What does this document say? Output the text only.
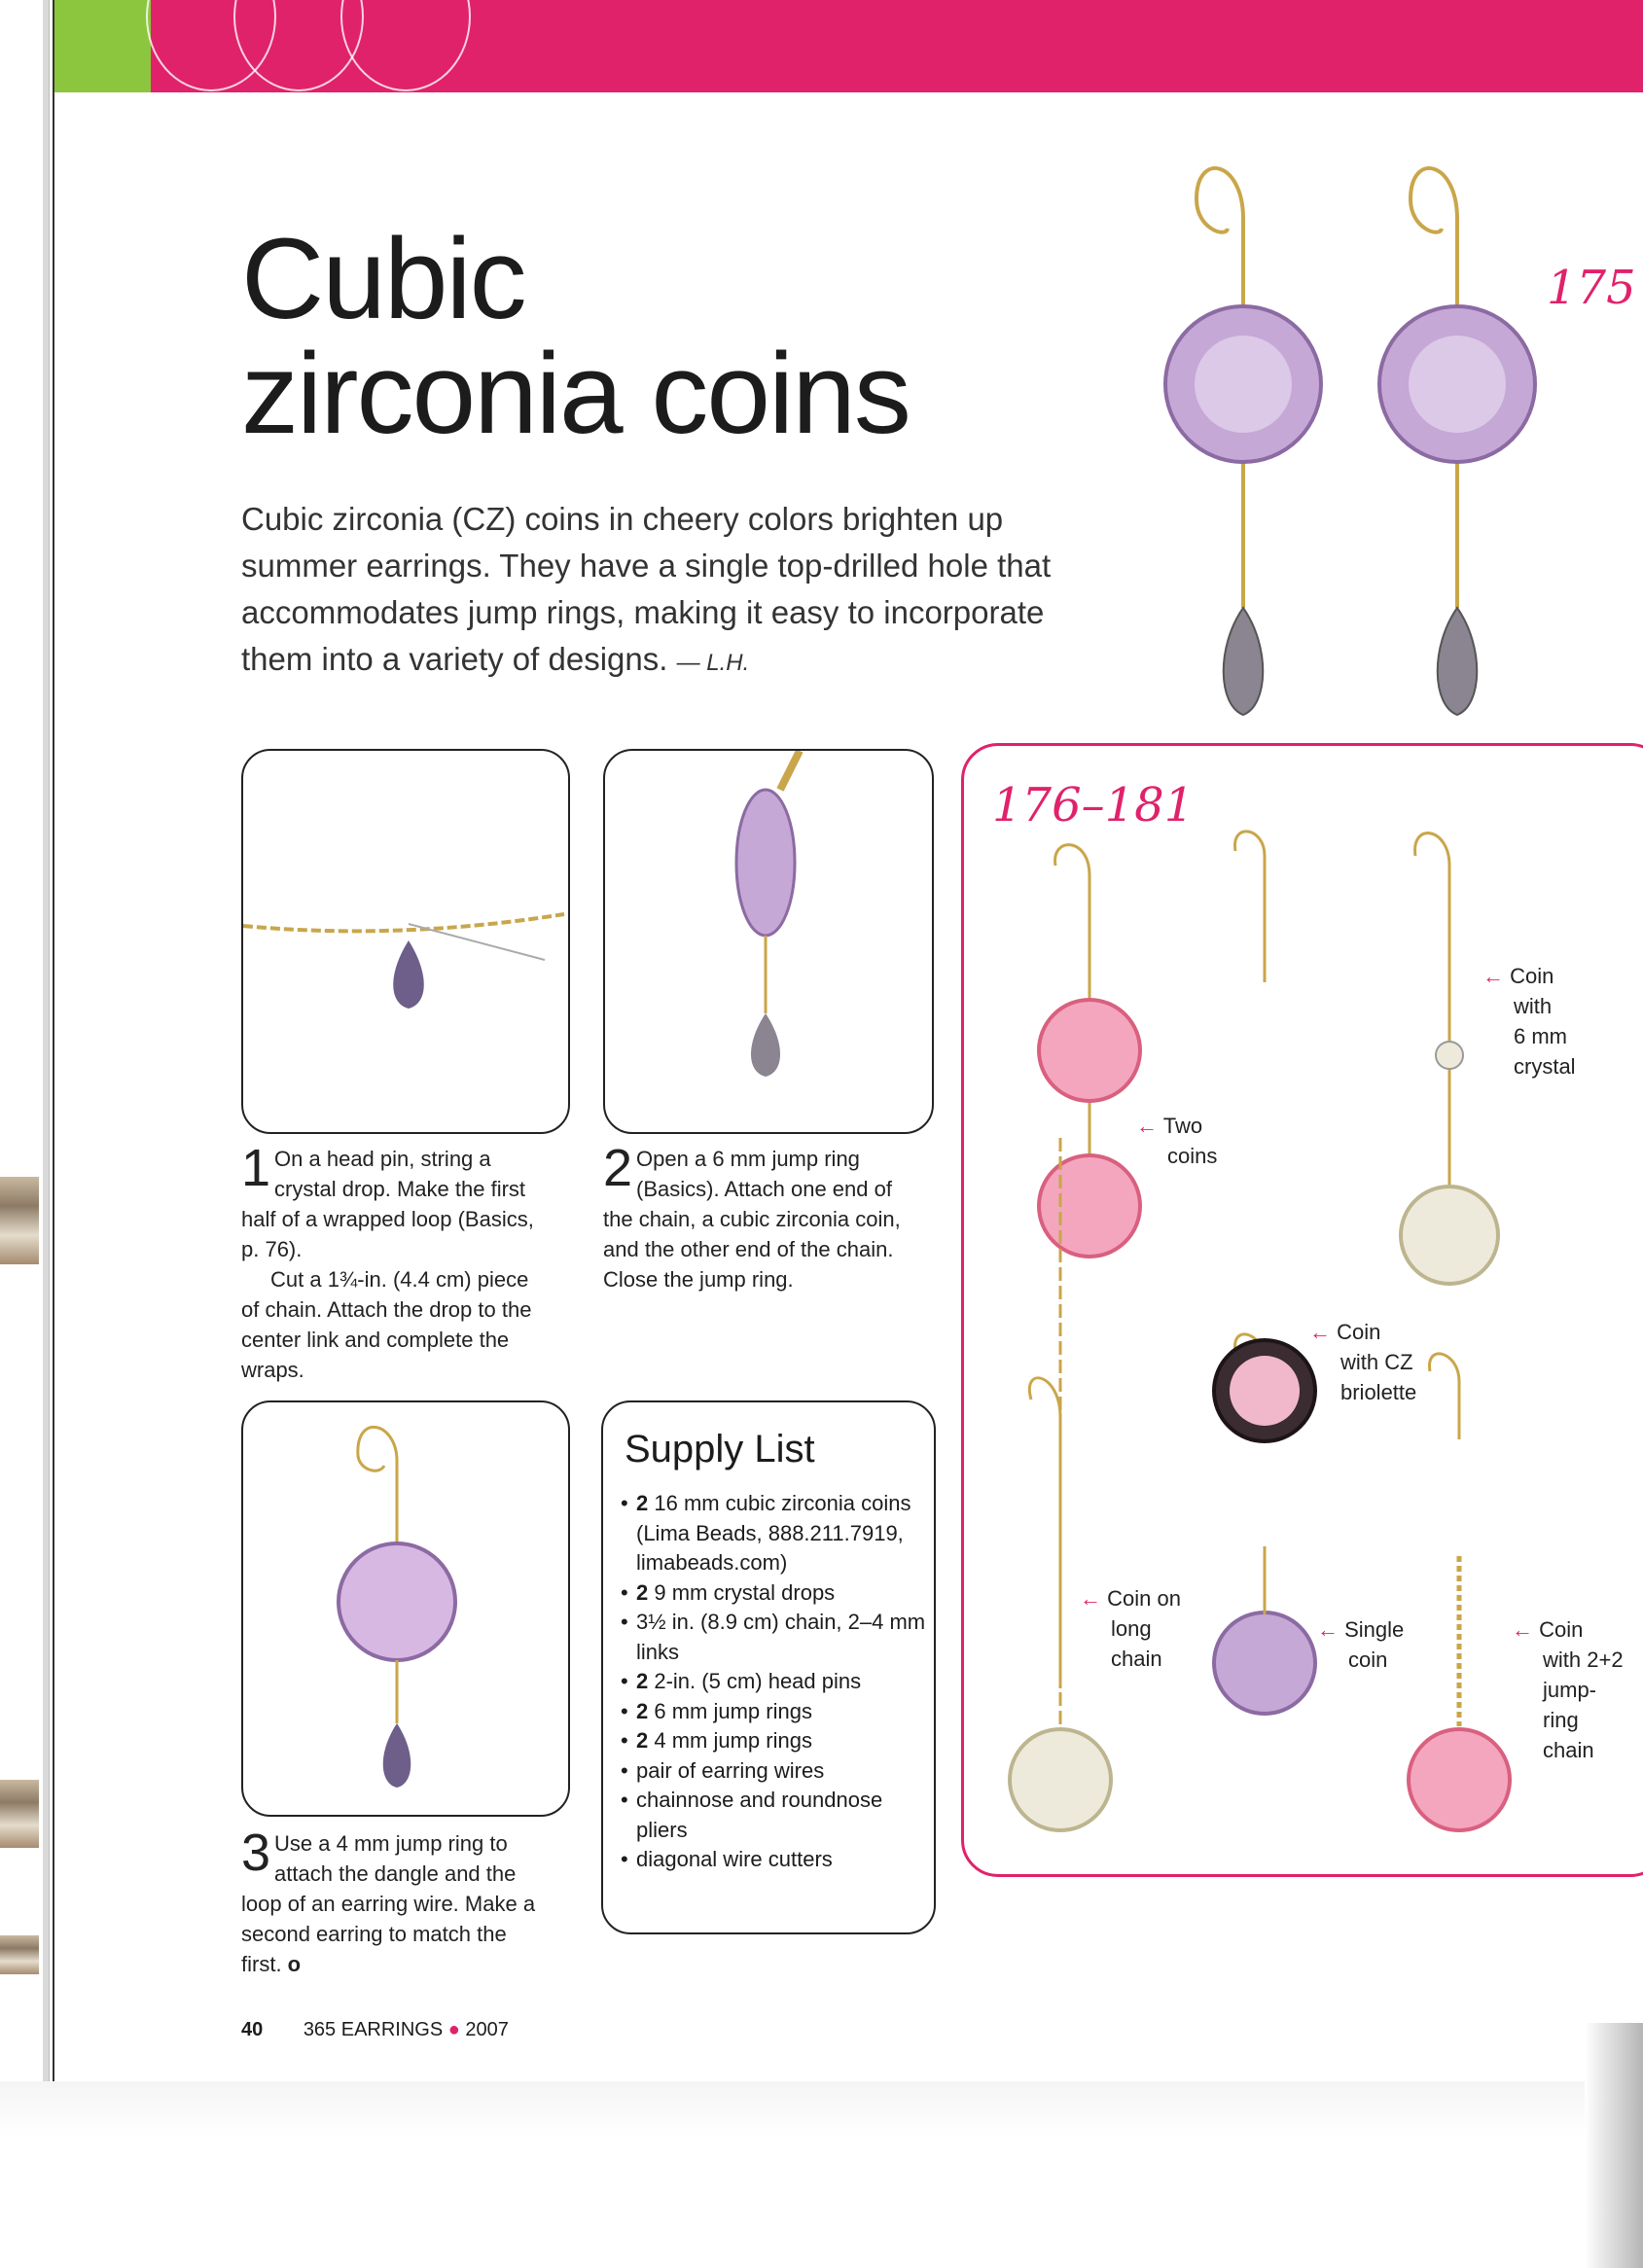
Cubic
zirconia coins
Cubic zirconia (CZ) coins in cheery colors brighten up summer earrings. They have a single top-drilled hole that accommodates jump rings, making it easy to incorporate them into a variety of designs. — L.H.
175
1 On a head pin, string a crystal drop. Make the first half of a wrapped loop (Basics, p. 76).
Cut a 1¾-in. (4.4 cm) piece of chain. Attach the drop to the center link and complete the wraps.
2 Open a 6 mm jump ring (Basics). Attach one end of the chain, a cubic zirconia coin, and the other end of the chain. Close the jump ring.
3 Use a 4 mm jump ring to attach the dangle and the loop of an earring wire. Make a second earring to match the first. o
Supply List
• 2 16 mm cubic zirconia coins (Lima Beads, 888.211.7919, limabeads.com)
• 2 9 mm crystal drops
• 3½ in. (8.9 cm) chain, 2–4 mm links
• 2 2-in. (5 cm) head pins
• 2 6 mm jump rings
• 2 4 mm jump rings
• pair of earring wires
• chainnose and roundnose pliers
• diagonal wire cutters
176–181
← Two
coins
← Coin
with
6 mm
crystal
← Coin
with CZ
briolette
← Coin on
long
chain
← Single
coin
← Coin
with 2+2
jump-
ring
chain
40 365 EARRINGS ● 2007
